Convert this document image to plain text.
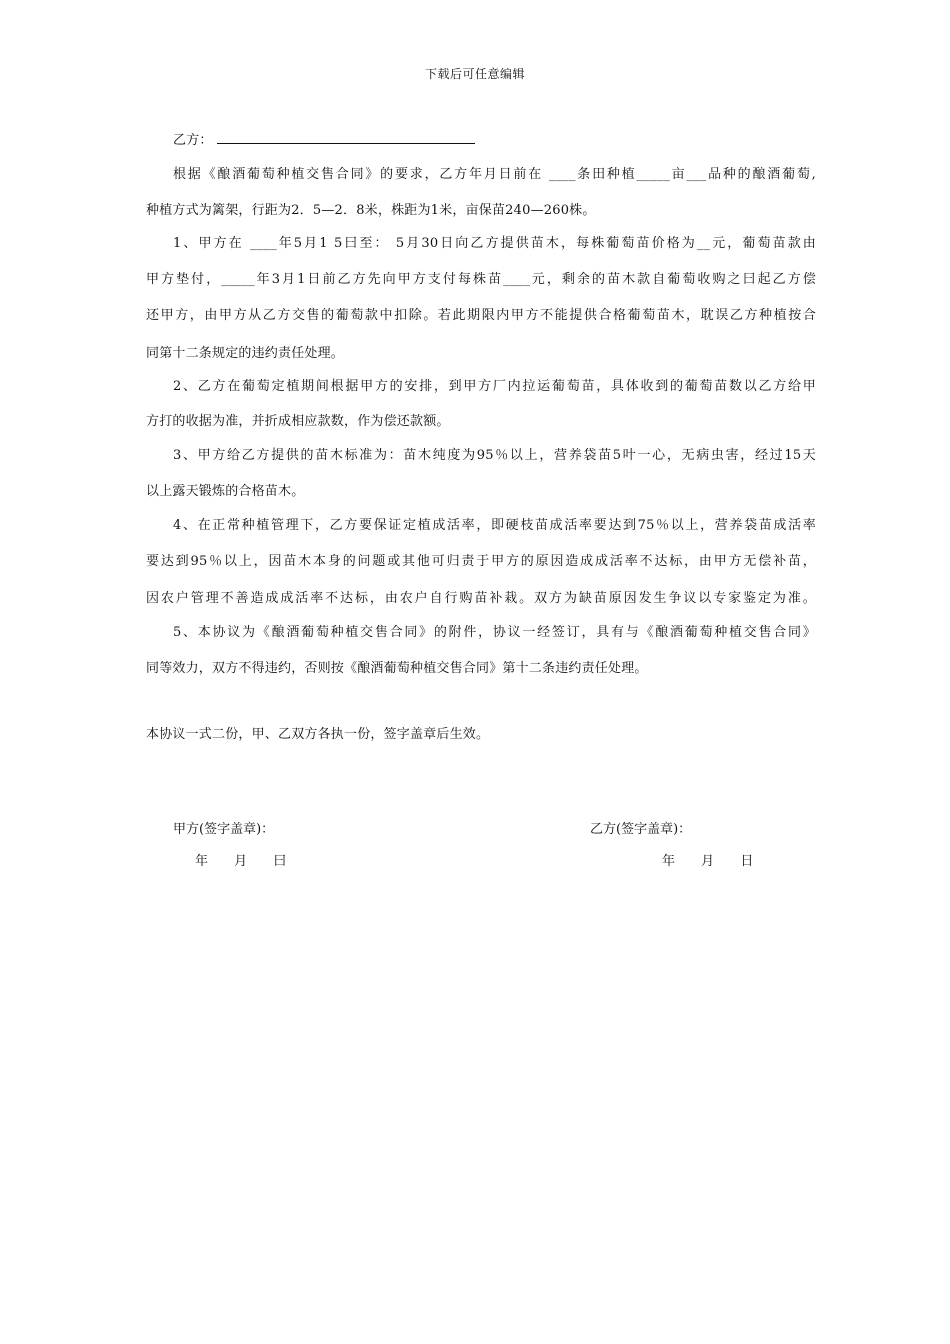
下载后可任意编辑
乙方：
根据《酿酒葡萄种植交售合同》的要求，乙方年月日前在 ____条田种植_____亩___品种的酿酒葡萄,
种植方式为篱架，行距为2．5—2．8米，株距为1米，亩保苗240—260株。
1、甲方在 ____年5月1 5曰至： 5月30日向乙方提供苗木，每株葡萄苗价格为__元，葡萄苗款由
甲方垫付，_____年3月1日前乙方先向甲方支付每株苗____元，剩余的苗木款自葡萄收购之曰起乙方偿
还甲方，由甲方从乙方交售的葡萄款中扣除。若此期限内甲方不能提供合格葡萄苗木，耽误乙方种植按合
同第十二条规定的违约责任处理。
2、乙方在葡萄定植期间根据甲方的安排，到甲方厂内拉运葡萄苗，具体收到的葡萄苗数以乙方给甲
方打的收据为准，并折成相应款数，作为偿还款额。
3、甲方给乙方提供的苗木标准为：苗木纯度为95％以上，营养袋苗5叶一心，无病虫害，经过15天
以上露天锻炼的合格苗木。
4、在正常种植管理下，乙方要保证定植成活率，即硬枝苗成活率要达到75％以上，营养袋苗成活率
要达到95％以上，因苗木本身的问题或其他可归责于甲方的原因造成成活率不达标，由甲方无偿补苗，
因农户管理不善造成成活率不达标，由农户自行购苗补栽。双方为缺苗原因发生争议以专家鉴定为准。
5、本协议为《酿酒葡萄种植交售合同》的附件，协议一经签订，具有与《酿酒葡萄种植交售合同》
同等效力，双方不得违约，否则按《酿酒葡萄种植交售合同》第十二条违约责任处理。
本协议一式二份，甲、乙双方各执一份，签字盖章后生效。
甲方(签字盖章)：	乙方(签字盖章)：
年 月 曰	年 月 日
